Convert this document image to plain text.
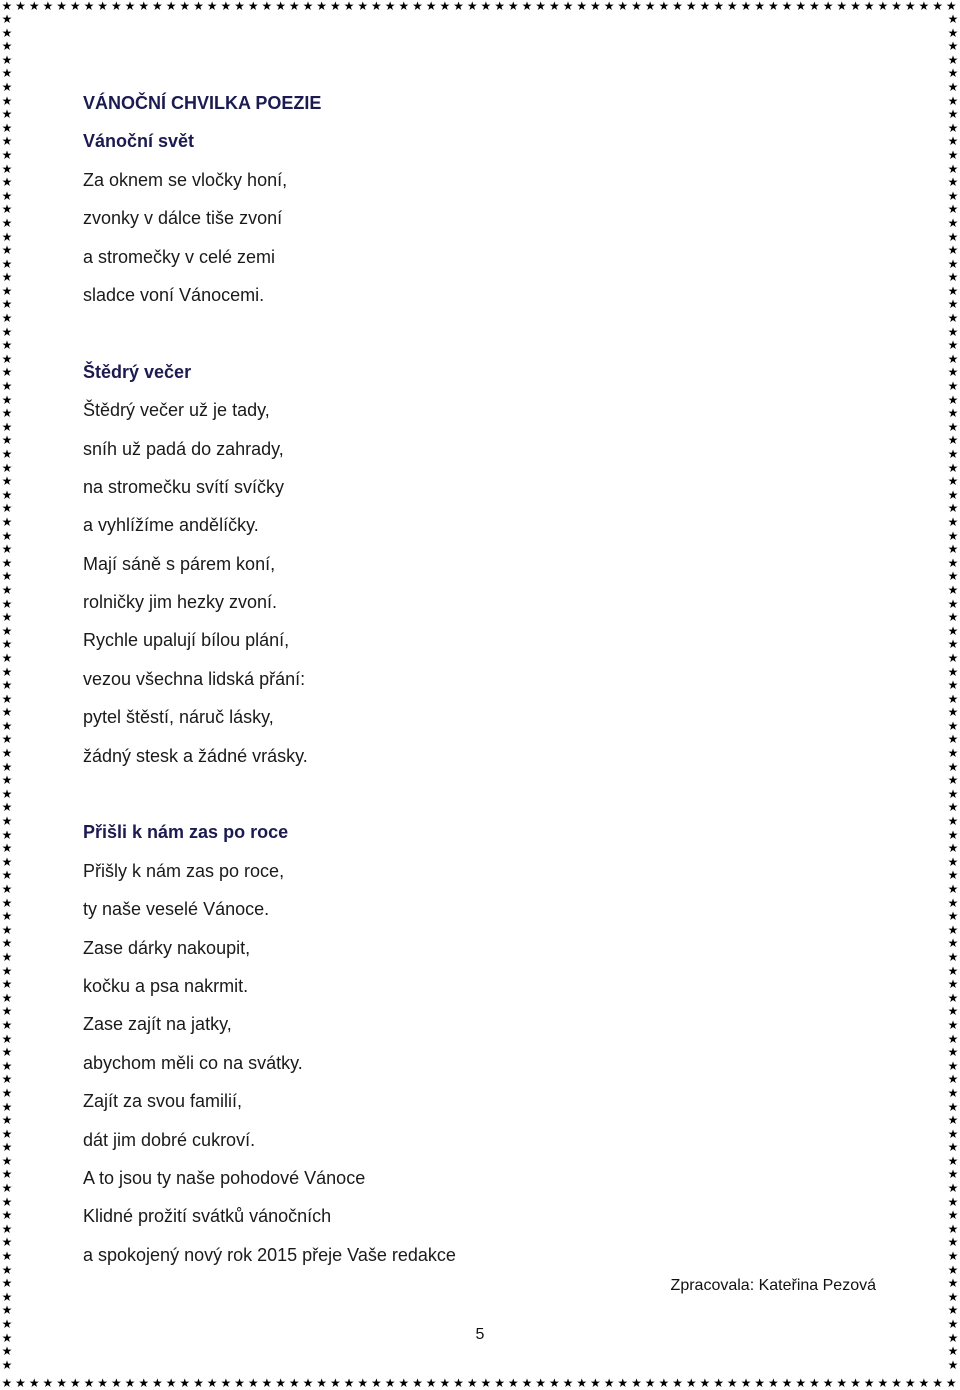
★ ★ ★ ★ ★ ★ ★ ★ ★ ★ ★ ★ ★ ★ ★ ★ ★ ★ ★ ★ ★ ★ ★ ★ ★ ★ ★ ★ ★ ★ ★ ★ ★ ★ ★ ★ ★ ★ ★ ★ ★ ★ ★ ★ ★ ★ ★ ★ ★ ★ ★ ★ ★ ★ ★ ★ ★ ★ ★ ★ ★ ★ ★ ★ ★ ★ ★ ★ ★ ★
★ ★ ★ ★ ★ ★ ★ ★ ★ ★ ★ ★ ★ ★ ★ ★ ★ ★ ★ ★ ★ ★ ★ ★ ★ ★ ★ ★ ★ ★ ★ ★ ★ ★ ★ ★ ★ ★ ★ ★ ★ ★ ★ ★ ★ ★ ★ ★ ★ ★ ★ ★ ★ ★ ★ ★ ★ ★ ★ ★ ★ ★ ★ ★ ★ ★ ★ ★ ★ ★
★
★
★
★
★
★
★
★
★
★
★
★
★
★
★
★
★
★
★
★
★
★
★
★
★
★
★
★
★
★
★
★
★
★
★
★
★
★
★
★
★
★
★
★
★
★
★
★
★
★
★
★
★
★
★
★
★
★
★
★
★
★
★
★
★
★
★
★
★
★
★
★
★
★
★
★
★
★
★
★
★
★
★
★
★
★
★
★
★
★
★
★
★
★
★
★
★
★
★
★
★
★
★
★
★
★
★
★
★
★
★
★
★
★
★
★
★
★
★
★
★
★
★
★
★
★
★
★
★
★
★
★
★
★
★
★
★
★
★
★
★
★
★
★
★
★
★
★
★
★
★
★
★
★
★
★
★
★
★
★
★
★
★
★
★
★
★
★
★
★
★
★
★
★
★
★
★
★
★
★
★
★
★
★
★
★
★
★
★
★
★
★
★
★
★
★
★
★
★
★
VÁNOČNÍ CHVILKA POEZIE
Vánoční svět
Za oknem se vločky honí,
zvonky v dálce tiše zvoní
a stromečky v celé zemi
sladce voní Vánocemi.
Štědrý večer
Štědrý večer už je tady,
sníh už padá do zahrady,
na stromečku svítí svíčky
a vyhlížíme andělíčky.
Mají sáně s párem koní,
rolničky jim hezky zvoní.
Rychle upalují bílou plání,
vezou všechna lidská přání:
pytel štěstí, náruč lásky,
žádný stesk a žádné vrásky.
Přišli k nám zas po roce
Přišly k nám zas po roce,
ty naše veselé Vánoce.
Zase dárky nakoupit,
kočku a psa nakrmit.
Zase zajít na jatky,
abychom měli co na svátky.
Zajít za svou familií,
dát jim dobré cukroví.
A to jsou ty naše pohodové Vánoce
Klidné prožití svátků vánočních
a spokojený nový rok 2015 přeje Vaše redakce
Zpracovala: Kateřina Pezová
5
